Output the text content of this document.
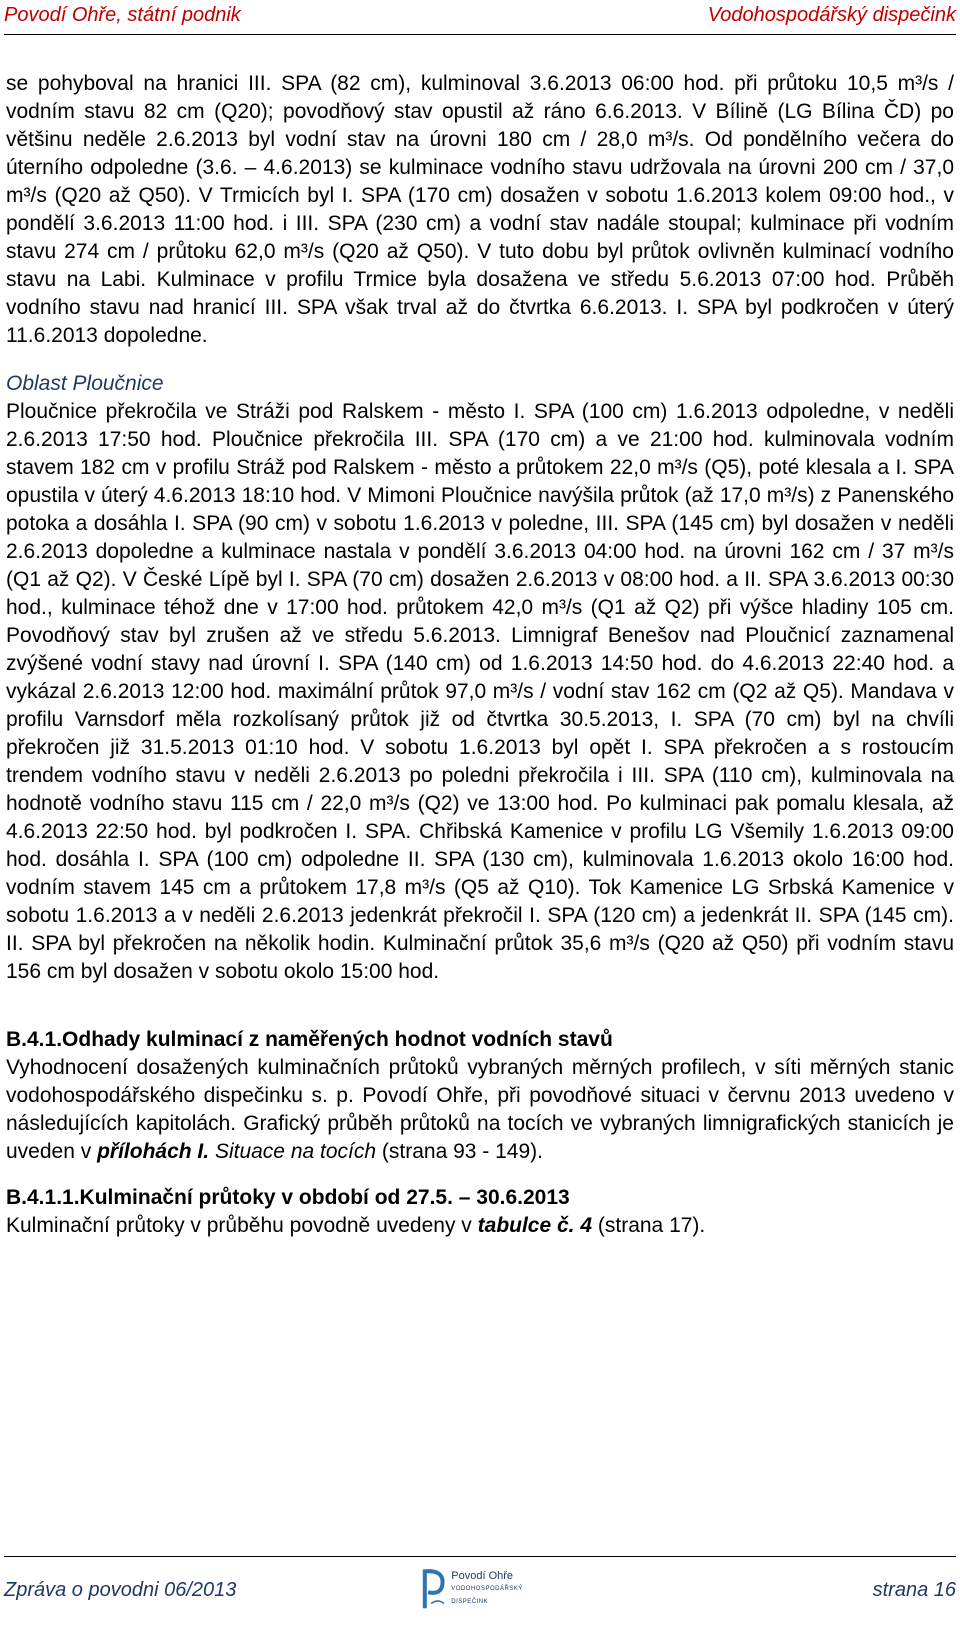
Povodí Ohře, státní podnik	Vodohospodářský dispečink

se pohyboval na hranici III. SPA (82 cm), kulminoval 3.6.2013 06:00 hod. při průtoku 10,5 m³/s / vodním stavu 82 cm (Q20); povodňový stav opustil až ráno 6.6.2013. V Bílině (LG Bílina ČD) po většinu neděle 2.6.2013 byl vodní stav na úrovni 180 cm / 28,0 m³/s. Od pondělního večera do úterního odpoledne (3.6. – 4.6.2013) se kulminace vodního stavu udržovala na úrovni 200 cm / 37,0 m³/s (Q20 až Q50). V Trmicích byl I. SPA (170 cm) dosažen v sobotu 1.6.2013 kolem 09:00 hod., v pondělí 3.6.2013 11:00 hod. i III. SPA (230 cm) a vodní stav nadále stoupal; kulminace při vodním stavu 274 cm / průtoku 62,0 m³/s (Q20 až Q50). V tuto dobu byl průtok ovlivněn kulminací vodního stavu na Labi. Kulminace v profilu Trmice byla dosažena ve středu 5.6.2013 07:00 hod. Průběh vodního stavu nad hranicí III. SPA však trval až do čtvrtka 6.6.2013. I. SPA byl podkročen v úterý 11.6.2013 dopoledne.

Oblast Ploučnice

Ploučnice překročila ve Stráži pod Ralskem - město I. SPA (100 cm) 1.6.2013 odpoledne, v neděli 2.6.2013 17:50 hod. Ploučnice překročila III. SPA (170 cm) a ve 21:00 hod. kulminovala vodním stavem 182 cm v profilu Stráž pod Ralskem - město a průtokem 22,0 m³/s (Q5), poté klesala a I. SPA opustila v úterý 4.6.2013 18:10 hod. V Mimoni Ploučnice navýšila průtok (až 17,0 m³/s) z Panenského potoka a dosáhla I. SPA (90 cm) v sobotu 1.6.2013 v poledne, III. SPA (145 cm) byl dosažen v neděli 2.6.2013 dopoledne a kulminace nastala v pondělí 3.6.2013 04:00 hod. na úrovni 162 cm / 37 m³/s (Q1 až Q2). V České Lípě byl I. SPA (70 cm) dosažen 2.6.2013 v 08:00 hod. a II. SPA 3.6.2013 00:30 hod., kulminace téhož dne v 17:00 hod. průtokem 42,0 m³/s (Q1 až Q2) při výšce hladiny 105 cm. Povodňový stav byl zrušen až ve středu 5.6.2013. Limnigraf Benešov nad Ploučnicí zaznamenal zvýšené vodní stavy nad úrovní I. SPA (140 cm) od 1.6.2013 14:50 hod. do 4.6.2013 22:40 hod. a vykázal 2.6.2013 12:00 hod. maximální průtok 97,0 m³/s / vodní stav 162 cm (Q2 až Q5). Mandava v profilu Varnsdorf měla rozkolísaný průtok již od čtvrtka 30.5.2013, I. SPA (70 cm) byl na chvíli překročen již 31.5.2013 01:10 hod. V sobotu 1.6.2013 byl opět I. SPA překročen a s rostoucím trendem vodního stavu v neděli 2.6.2013 po poledni překročila i III. SPA (110 cm), kulminovala na hodnotě vodního stavu 115 cm / 22,0 m³/s (Q2) ve 13:00 hod. Po kulminaci pak pomalu klesala, až 4.6.2013 22:50 hod. byl podkročen I. SPA. Chřibská Kamenice v profilu LG Všemily 1.6.2013 09:00 hod. dosáhla I. SPA (100 cm) odpoledne II. SPA (130 cm), kulminovala 1.6.2013 okolo 16:00 hod. vodním stavem 145 cm a průtokem 17,8 m³/s (Q5 až Q10). Tok Kamenice LG Srbská Kamenice v sobotu 1.6.2013 a v neděli 2.6.2013 jedenkrát překročil I. SPA (120 cm) a jedenkrát II. SPA (145 cm). II. SPA byl překročen na několik hodin. Kulminační průtok 35,6 m³/s (Q20 až Q50) při vodním stavu 156 cm byl dosažen v sobotu okolo 15:00 hod.

B.4.1.Odhady kulminací z naměřených hodnot vodních stavů

Vyhodnocení dosažených kulminačních průtoků vybraných měrných profilech, v síti měrných stanic vodohospodářského dispečinku s. p. Povodí Ohře, při povodňové situaci v červnu 2013 uvedeno v následujících kapitolách. Grafický průběh průtoků na tocích ve vybraných limnigrafických stanicích je uveden v přílohách I. Situace na tocích (strana 93 - 149).

B.4.1.1.Kulminační průtoky v období od 27.5. – 30.6.2013

Kulminační průtoky v průběhu povodně uvedeny v tabulce č. 4 (strana 17).

Zpráva o povodni 06/2013	strana 16
Povodí Ohře
VODOHOSPODÁŘSKÝ DISPEČINK
